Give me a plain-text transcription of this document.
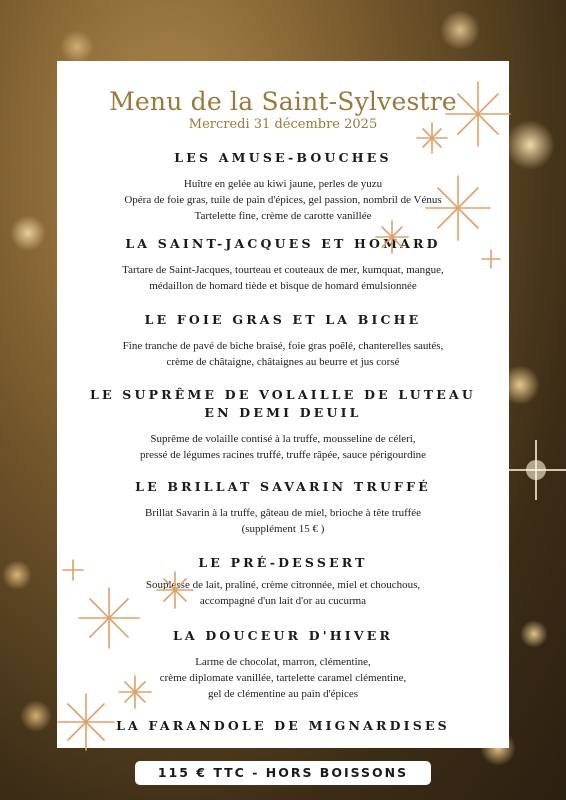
Menu de la Saint-Sylvestre
Mercredi 31 décembre 2025
LES AMUSE-BOUCHES
Huître en gelée au kiwi jaune, perles de yuzu
Opéra de foie gras, tuile de pain d'épices, gel passion, nombril de Vénus
Tartelette fine, crème de carotte vanillée
LA SAINT-JACQUES ET HOMARD
Tartare de Saint-Jacques, tourteau et couteaux de mer, kumquat, mangue,
médaillon de homard tiède et bisque de homard émulsionnée
LE FOIE GRAS ET LA BICHE
Fine tranche de pavé de biche braisé, foie gras poêlé, chanterelles sautés,
crème de châtaigne, châtaignes au beurre et jus corsé
LE SUPRÊME DE VOLAILLE DE LUTEAU
EN DEMI DEUIL
Suprême de volaille contisé à la truffe, mousseline de céleri,
pressé de légumes racines truffé, truffe râpée, sauce périgourdine
LE BRILLAT SAVARIN TRUFFÉ
Brillat Savarin à la truffe, gâteau de miel, brioche à tête truffée
(supplément 15 € )
LE PRÉ-DESSERT
Souplesse de lait, praliné, crème citronnée, miel et chouchous,
accompagné d'un lait d'or au cucurma
LA DOUCEUR D'HIVER
Larme de chocolat, marron, clémentine,
crème diplomate vanillée, tartelette caramel clémentine,
gel de clémentine au pain d'épices
LA FARANDOLE DE MIGNARDISES
115 € TTC - HORS BOISSONS
